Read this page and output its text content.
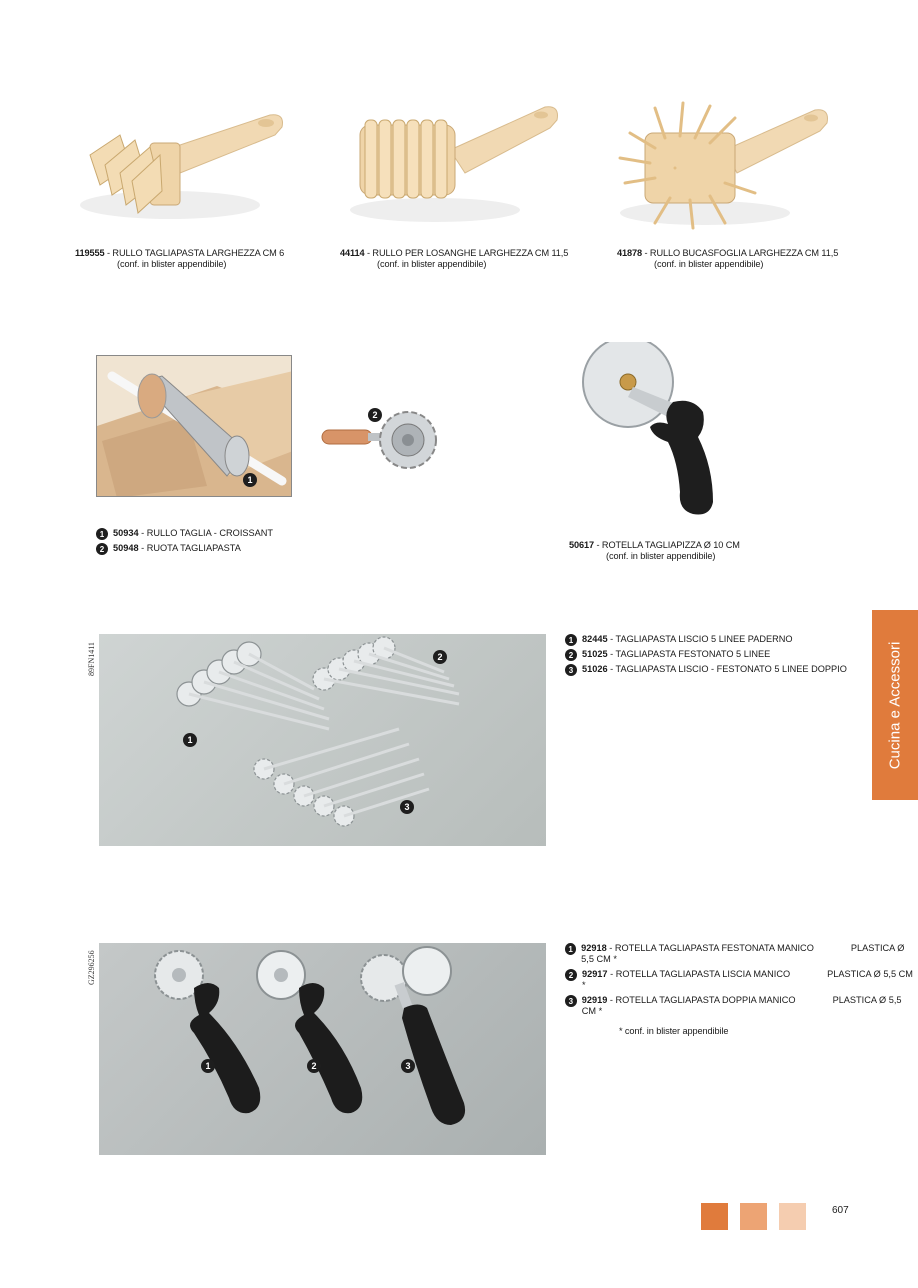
119555 - RULLO TAGLIAPASTA LARGHEZZA CM 6
(conf. in blister appendibile)
44114 - RULLO PER LOSANGHE LARGHEZZA CM 11,5
(conf. in blister appendibile)
41878 - RULLO BUCASFOGLIA LARGHEZZA CM 11,5
(conf. in blister appendibile)
1
2
1 50934 - RULLO TAGLIA - CROISSANT
2 50948 - RUOTA TAGLIAPASTA	50617 - ROTELLA TAGLIAPIZZA Ø 10 CM
(conf. in blister appendibile)
89FN1411	2
1
3
1 82445 - TAGLIAPASTA LISCIO 5 LINEE PADERNO
2 51025 - TAGLIAPASTA FESTONATO 5 LINEE
3 51026 - TAGLIAPASTA LISCIO - FESTONATO 5 LINEE DOPPIO
GZ296256
1	2	3
1 92918 - ROTELLA TAGLIAPASTA FESTONATA MANICO	PLASTICA Ø 5,5 CM *
2 92917 - ROTELLA TAGLIAPASTA LISCIA MANICO	PLASTICA Ø 5,5 CM *
3 92919 - ROTELLA TAGLIAPASTA DOPPIA MANICO	PLASTICA Ø 5,5 CM *
* conf. in blister appendibile
Cucina e Accessori
607
